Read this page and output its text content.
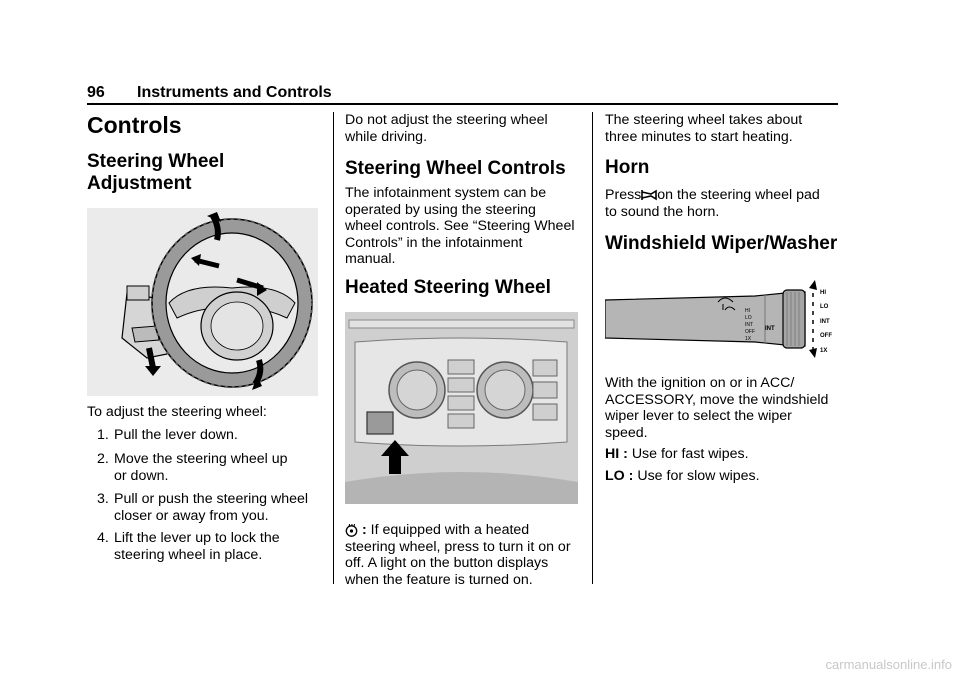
96 Instruments and Controls
Controls
Steering Wheel
Adjustment
To adjust the steering wheel:
1. Pull the lever down.
2. Move the steering wheel up
or down.
3. Pull or push the steering wheel
closer or away from you.
4. Lift the lever up to lock the
steering wheel in place.
Do not adjust the steering wheel
while driving.
Steering Wheel Controls
The infotainment system can be
operated by using the steering
wheel controls. See “Steering Wheel
Controls” in the infotainment
manual.
Heated Steering Wheel
: If equipped with a heated
steering wheel, press to turn it on or
off. A light on the button displays
when the feature is turned on.
The steering wheel takes about
three minutes to start heating.
Horn
Press on the steering wheel pad
to sound the horn.
Windshield Wiper/Washer
HI
LO
INT
OFF
1X
INT
HI
LO
INT
OFF
1X
With the ignition on or in ACC/
ACCESSORY, move the windshield
wiper lever to select the wiper
speed.
HI : Use for fast wipes.
LO : Use for slow wipes.
carmanualsonline.info
